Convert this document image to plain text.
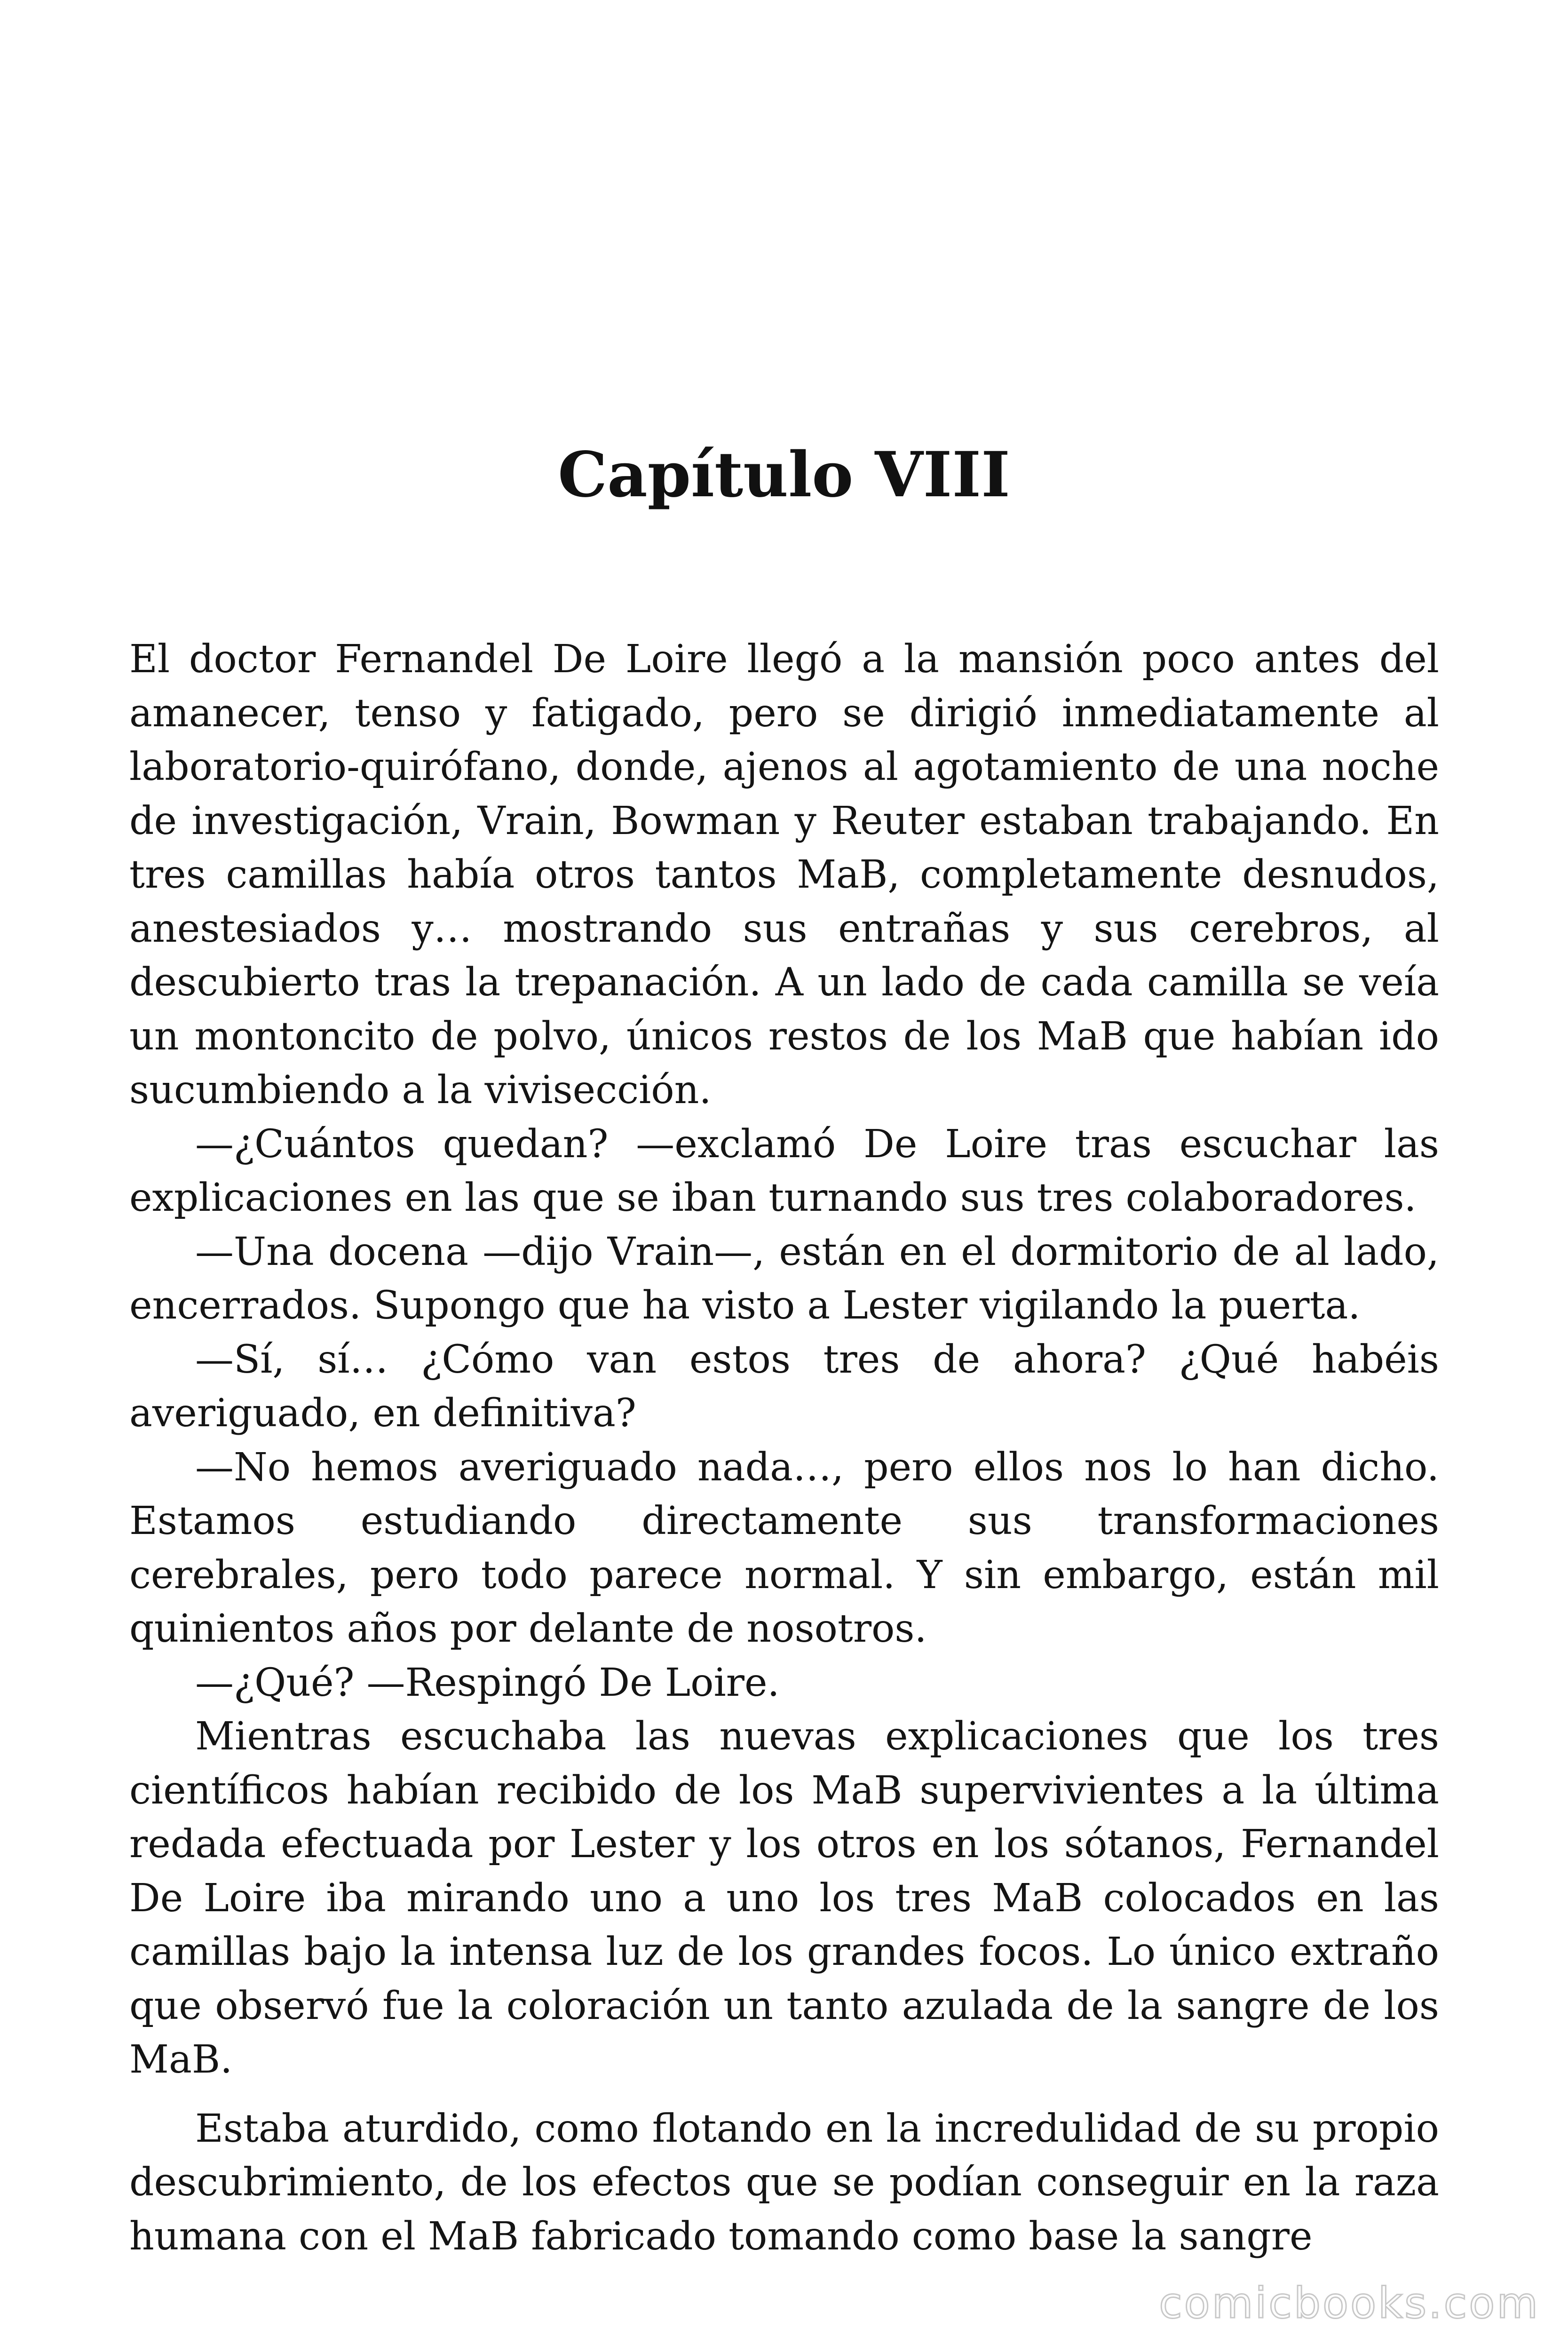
Capítulo VIII

El doctor Fernandel De Loire llegó a la mansión poco antes del amanecer, tenso y fatigado, pero se dirigió inmediatamente al laboratorio-quirófano, donde, ajenos al agotamiento de una noche de investigación, Vrain, Bowman y Reuter estaban trabajando. En tres camillas había otros tantos MaB, completamente desnudos, anestesiados y… mostrando sus entrañas y sus cerebros, al descubierto tras la trepanación. A un lado de cada camilla se veía un montoncito de polvo, únicos restos de los MaB que habían ido sucumbiendo a la vivisección.

—¿Cuántos quedan? —exclamó De Loire tras escuchar las explicaciones en las que se iban turnando sus tres colaboradores.

—Una docena —dijo Vrain—, están en el dormitorio de al lado, encerrados. Supongo que ha visto a Lester vigilando la puerta.

—Sí, sí… ¿Cómo van estos tres de ahora? ¿Qué habéis averiguado, en definitiva?

—No hemos averiguado nada…, pero ellos nos lo han dicho. Estamos estudiando directamente sus transformaciones cerebrales, pero todo parece normal. Y sin embargo, están mil quinientos años por delante de nosotros.

—¿Qué? —Respingó De Loire.

Mientras escuchaba las nuevas explicaciones que los tres científicos habían recibido de los MaB supervivientes a la última redada efectuada por Lester y los otros en los sótanos, Fernandel De Loire iba mirando uno a uno los tres MaB colocados en las camillas bajo la intensa luz de los grandes focos. Lo único extraño que observó fue la coloración un tanto azulada de la sangre de los MaB.

Estaba aturdido, como flotando en la incredulidad de su propio descubrimiento, de los efectos que se podían conseguir en la raza humana con el MaB fabricado tomando como base la sangre

comicbooks.com
